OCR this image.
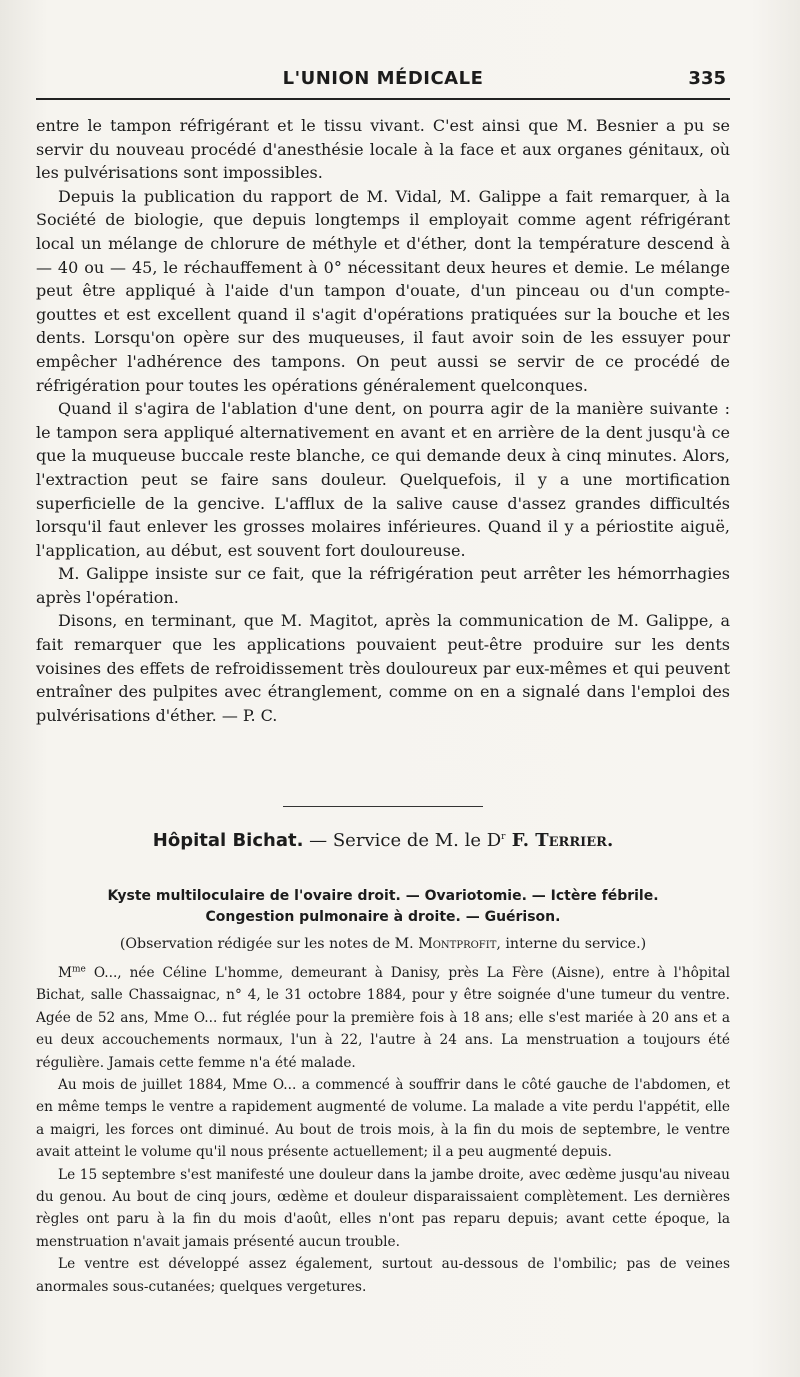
L'UNION MÉDICALE	335

entre le tampon réfrigérant et le tissu vivant. C'est ainsi que M. Besnier a pu se servir du nouveau procédé d'anesthésie locale à la face et aux organes génitaux, où les pulvérisations sont impossibles.

Depuis la publication du rapport de M. Vidal, M. Galippe a fait remarquer, à la Société de biologie, que depuis longtemps il employait comme agent réfrigérant local un mélange de chlorure de méthyle et d'éther, dont la température descend à — 40 ou — 45, le réchauffement à 0° nécessitant deux heures et demie. Le mélange peut être appliqué à l'aide d'un tampon d'ouate, d'un pinceau ou d'un compte-gouttes et est excellent quand il s'agit d'opérations pratiquées sur la bouche et les dents. Lorsqu'on opère sur des muqueuses, il faut avoir soin de les essuyer pour empêcher l'adhérence des tampons. On peut aussi se servir de ce procédé de réfrigération pour toutes les opérations généralement quelconques.

Quand il s'agira de l'ablation d'une dent, on pourra agir de la manière suivante : le tampon sera appliqué alternativement en avant et en arrière de la dent jusqu'à ce que la muqueuse buccale reste blanche, ce qui demande deux à cinq minutes. Alors, l'extraction peut se faire sans douleur. Quelquefois, il y a une mortification superficielle de la gencive. L'afflux de la salive cause d'assez grandes difficultés lorsqu'il faut enlever les grosses molaires inférieures. Quand il y a périostite aiguë, l'application, au début, est souvent fort douloureuse.

M. Galippe insiste sur ce fait, que la réfrigération peut arrêter les hémorrhagies après l'opération.

Disons, en terminant, que M. Magitot, après la communication de M. Galippe, a fait remarquer que les applications pouvaient peut-être produire sur les dents voisines des effets de refroidissement très douloureux par eux-mêmes et qui peuvent entraîner des pulpites avec étranglement, comme on en a signalé dans l'emploi des pulvérisations d'éther. — P. C.

Hôpital Bichat. — Service de M. le $D^r$ F. Terrier.
Kyste multiloculaire de l'ovaire droit. — Ovariotomie. — Ictère fébrile.
Congestion pulmonaire à droite. — Guérison.
(Observation rédigée sur les notes de M. Montprofit, interne du service.)

$M^{me}$ O..., née Céline L'homme, demeurant à Danisy, près La Fère (Aisne), entre à l'hôpital Bichat, salle Chassaignac, n° 4, le 31 octobre 1884, pour y être soignée d'une tumeur du ventre. Agée de 52 ans, Mme O... fut réglée pour la première fois à 18 ans; elle s'est mariée à 20 ans et a eu deux accouchements normaux, l'un à 22, l'autre à 24 ans. La menstruation a toujours été régulière. Jamais cette femme n'a été malade.

Au mois de juillet 1884, Mme O... a commencé à souffrir dans le côté gauche de l'abdomen, et en même temps le ventre a rapidement augmenté de volume. La malade a vite perdu l'appétit, elle a maigri, les forces ont diminué. Au bout de trois mois, à la fin du mois de septembre, le ventre avait atteint le volume qu'il nous présente actuellement; il a peu augmenté depuis.

Le 15 septembre s'est manifesté une douleur dans la jambe droite, avec œdème jusqu'au niveau du genou. Au bout de cinq jours, œdème et douleur disparaissaient complètement. Les dernières règles ont paru à la fin du mois d'août, elles n'ont pas reparu depuis; avant cette époque, la menstruation n'avait jamais présenté aucun trouble.

Le ventre est développé assez également, surtout au-dessous de l'ombilic; pas de veines anormales sous-cutanées; quelques vergetures.
